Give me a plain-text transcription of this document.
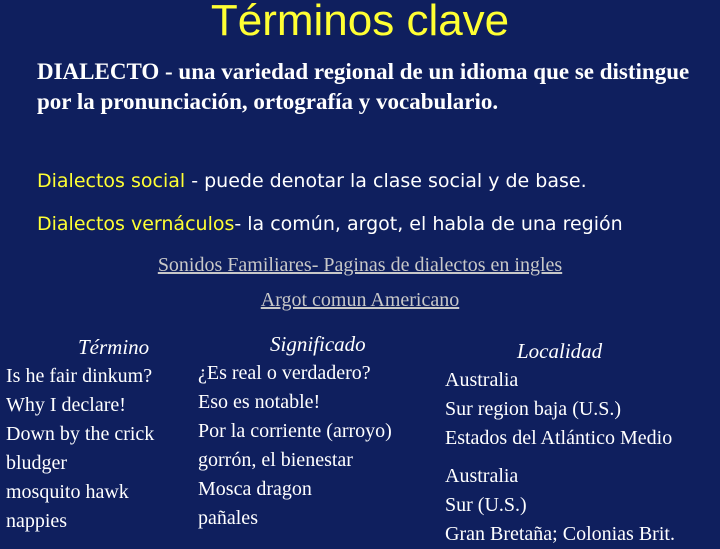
Términos clave
DIALECTO - una variedad regional de un idioma que se distingue por la pronunciación, ortografía y vocabulario.
Dialectos social - puede denotar la clase social y de base.
Dialectos vernáculos- la común, argot, el habla de una región
Sonidos Familiares- Paginas de dialectos en ingles
Argot comun Americano
Término
Is he fair dinkum?
Why I declare!
Down by the crick
bludger
mosquito hawk
nappies
Significado
¿Es real o verdadero?
Eso es notable!
Por la corriente (arroyo)
gorrón, el bienestar
Mosca dragon
pañales
Localidad
Australia
Sur region baja (U.S.)
Estados del Atlántico Medio
Australia
Sur (U.S.)
Gran Bretaña; Colonias Brit.
